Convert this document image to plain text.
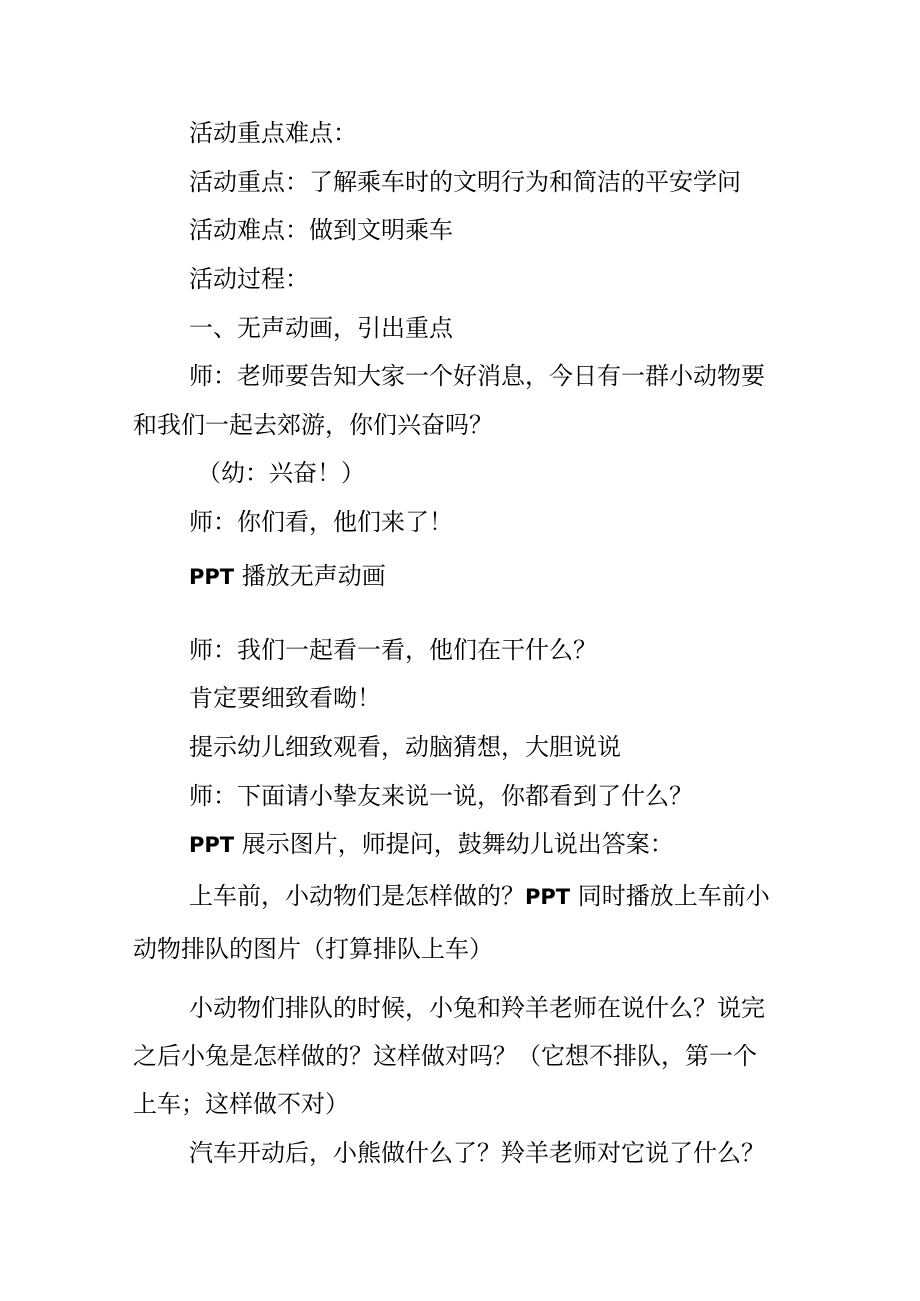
活动重点难点：
活动重点：了解乘车时的文明行为和简洁的平安学问
活动难点：做到文明乘车
活动过程：
一、无声动画，引出重点
师：老师要告知大家一个好消息，今日有一群小动物要
和我们一起去郊游，你们兴奋吗？
（幼：兴奋！）
师：你们看，他们来了！
PPT 播放无声动画
师：我们一起看一看，他们在干什么？
肯定要细致看呦！
提示幼儿细致观看，动脑猜想，大胆说说
师：下面请小挚友来说一说，你都看到了什么？
PPT 展示图片，师提问，鼓舞幼儿说出答案：
上车前，小动物们是怎样做的？PPT 同时播放上车前小
动物排队的图片（打算排队上车）
小动物们排队的时候，小兔和羚羊老师在说什么？说完
之后小兔是怎样做的？这样做对吗？（它想不排队，第一个
上车；这样做不对）
汽车开动后，小熊做什么了？羚羊老师对它说了什么？
